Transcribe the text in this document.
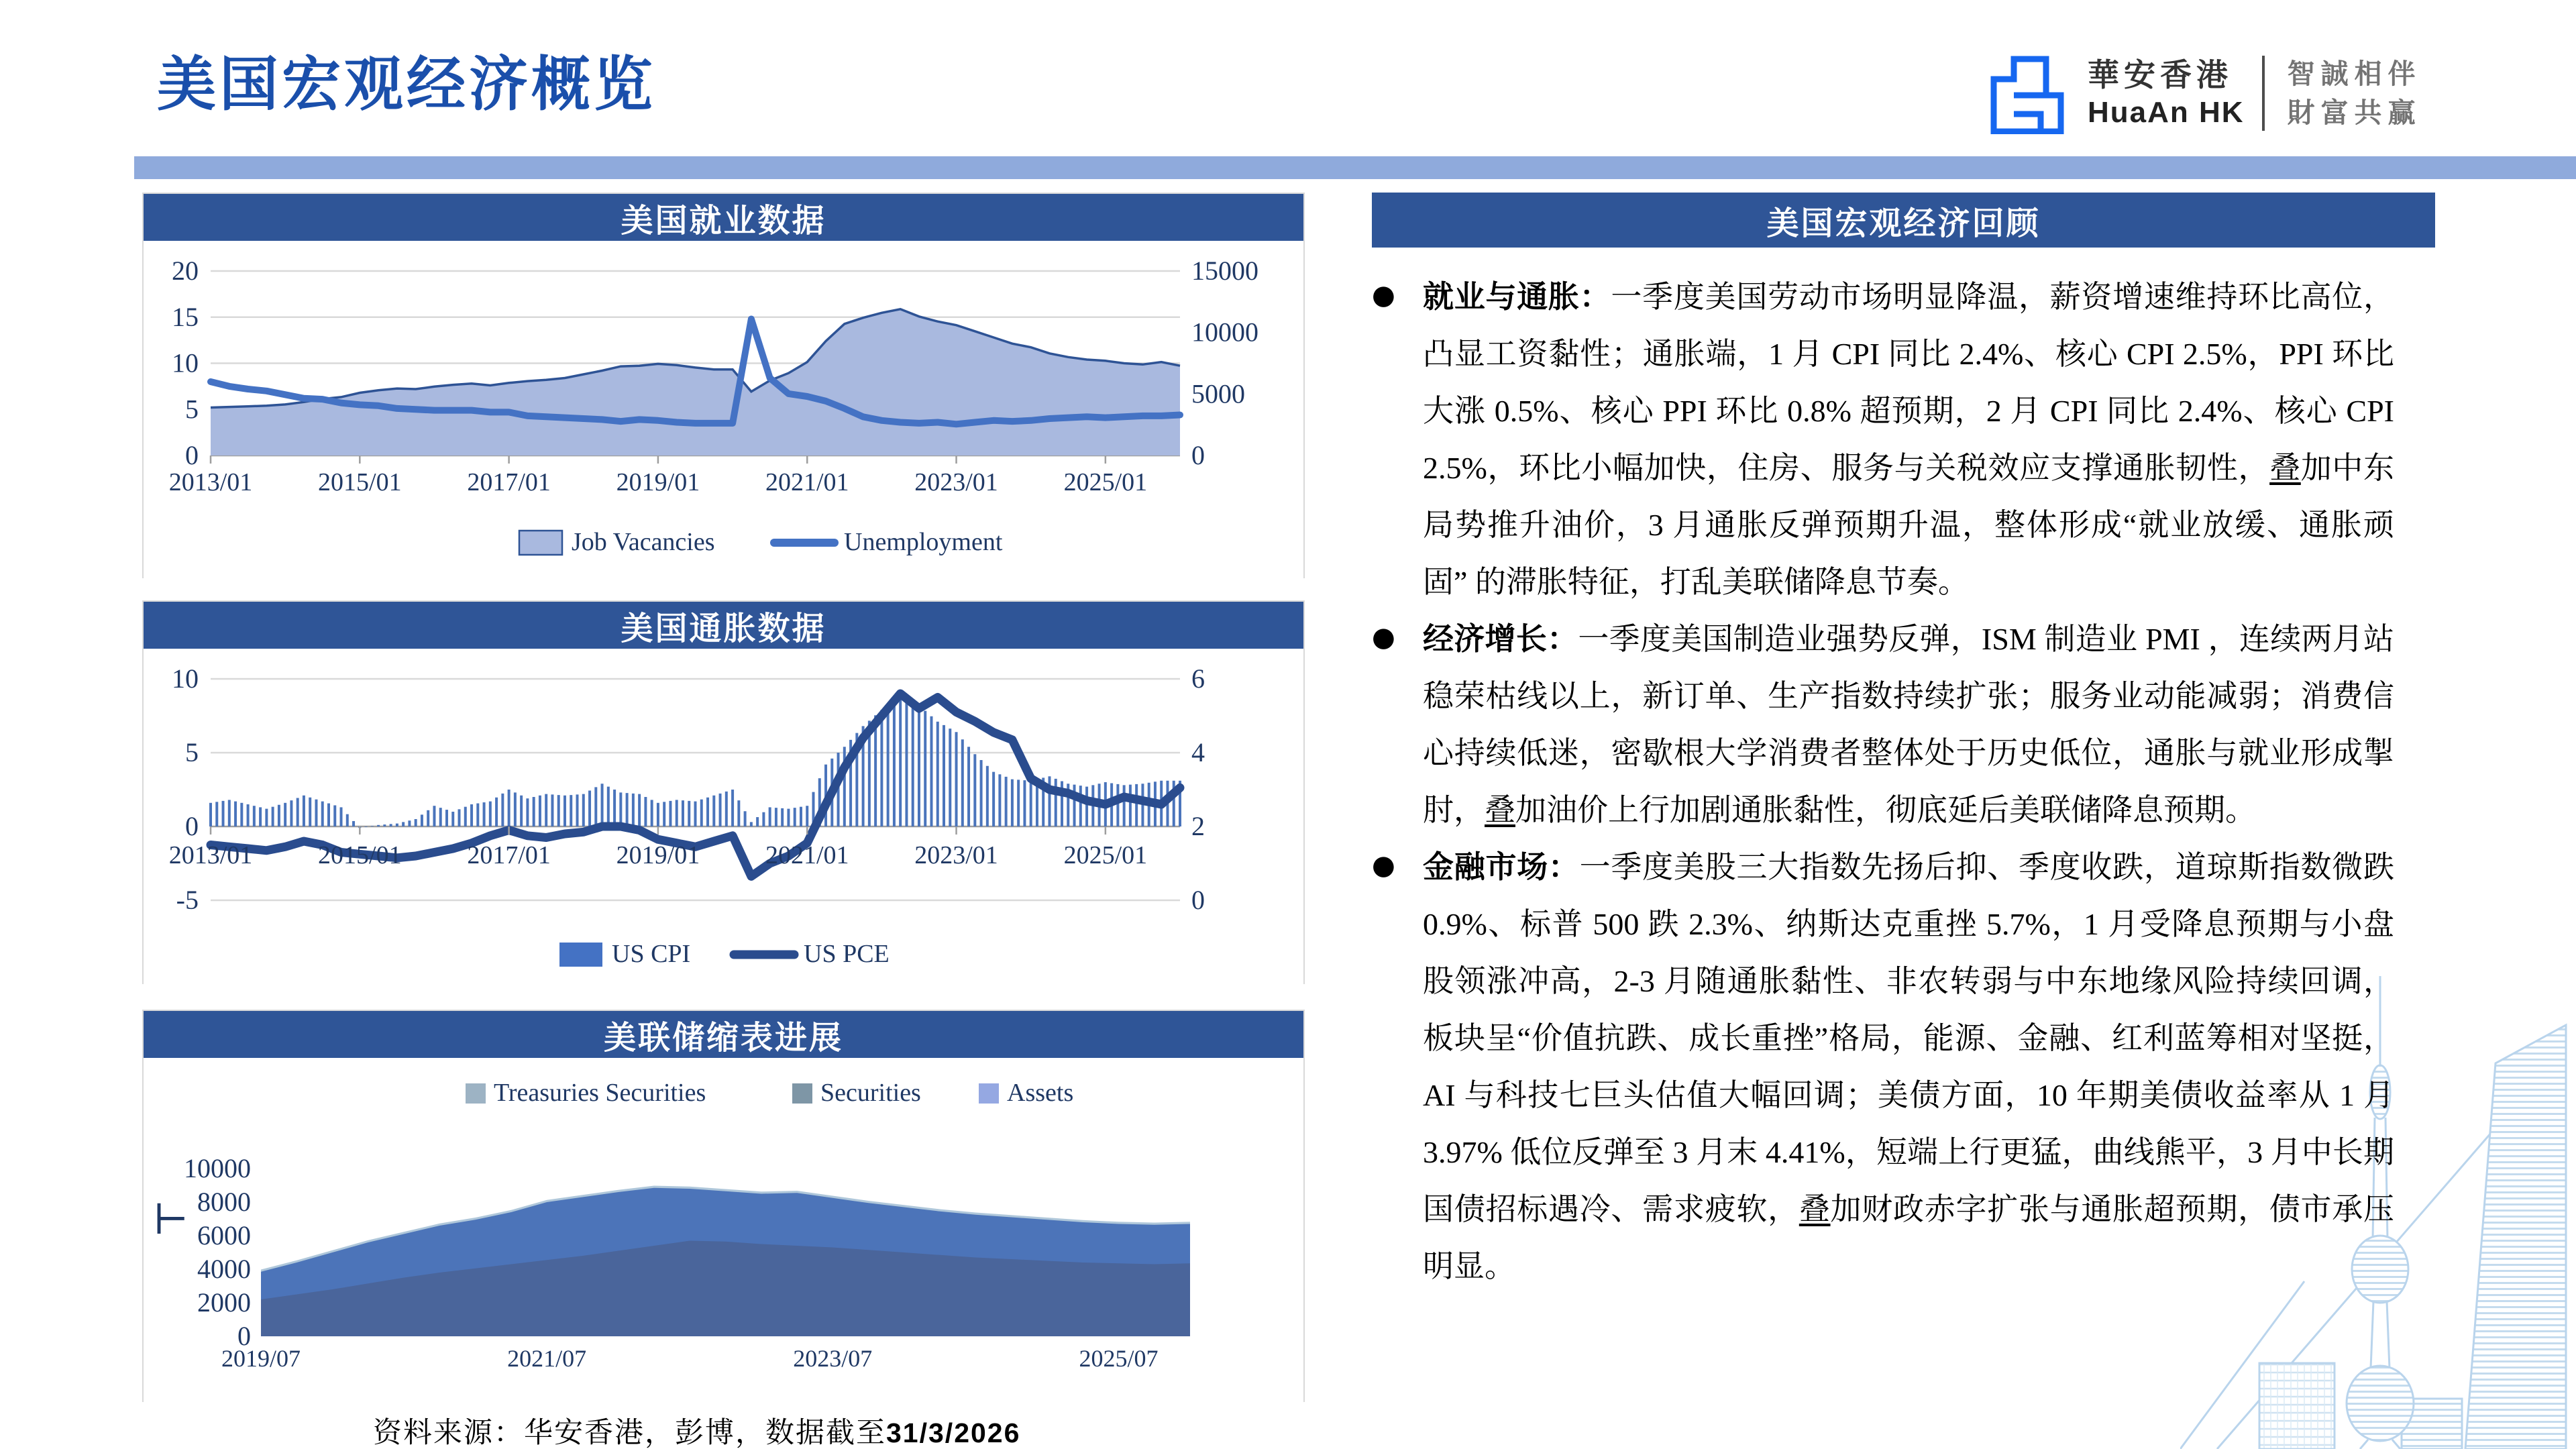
美国宏观经济概览	華安香港
HuaAn HK
智誠相伴
財富共赢
美国就业数据
0
5
10
15
20
0
5000
10000
15000
2013/01	2015/01	2017/01	2019/01	2021/01	2023/01	2025/01
Job Vacancies	Unemployment
美国通胀数据
-5
0
5
10
0
2
4
6
2013/01	2015/01	2017/01	2019/01	2021/01	2023/01	2025/01
US CPI	US PCE
美联储缩表进展
Treasuries Securities	Securities	Assets
10000
8000
6000
4000
2000
0
⊢
2019/07	2021/07	2023/07	2025/07
资料来源：华安香港，彭博，数据截至31/3/2026
美国宏观经济回顾
● 就业与通胀：一季度美国劳动市场明显降温，薪资增速维持环比高位，凸显工资黏性；通胀端，1 月 CPI 同比 2.4%、核心 CPI 2.5%，PPI 环比大涨 0.5%、核心 PPI 环比 0.8% 超预期，2 月 CPI 同比 2.4%、核心 CPI 2.5%，环比小幅加快，住房、服务与关税效应支撑通胀韧性，叠加中东局势推升油价，3 月通胀反弹预期升温，整体形成“就业放缓、通胀顽固” 的滞胀特征，打乱美联储降息节奏。
● 经济增长：一季度美国制造业强势反弹，ISM 制造业 PMI ，连续两月站稳荣枯线以上，新订单、生产指数持续扩张；服务业动能减弱；消费信心持续低迷，密歇根大学消费者整体处于历史低位，通胀与就业形成掣肘，叠加油价上行加剧通胀黏性，彻底延后美联储降息预期。
● 金融市场：一季度美股三大指数先扬后抑、季度收跌，道琼斯指数微跌 0.9%、标普 500 跌 2.3%、纳斯达克重挫 5.7%，1 月受降息预期与小盘股领涨冲高，2-3 月随通胀黏性、非农转弱与中东地缘风险持续回调，板块呈“价值抗跌、成长重挫”格局，能源、金融、红利蓝筹相对坚挺，AI 与科技七巨头估值大幅回调；美债方面，10 年期美债收益率从 1 月 3.97% 低位反弹至 3 月末 4.41%，短端上行更猛，曲线熊平，3 月中长期国债招标遇冷、需求疲软，叠加财政赤字扩张与通胀超预期，债市承压明显。
